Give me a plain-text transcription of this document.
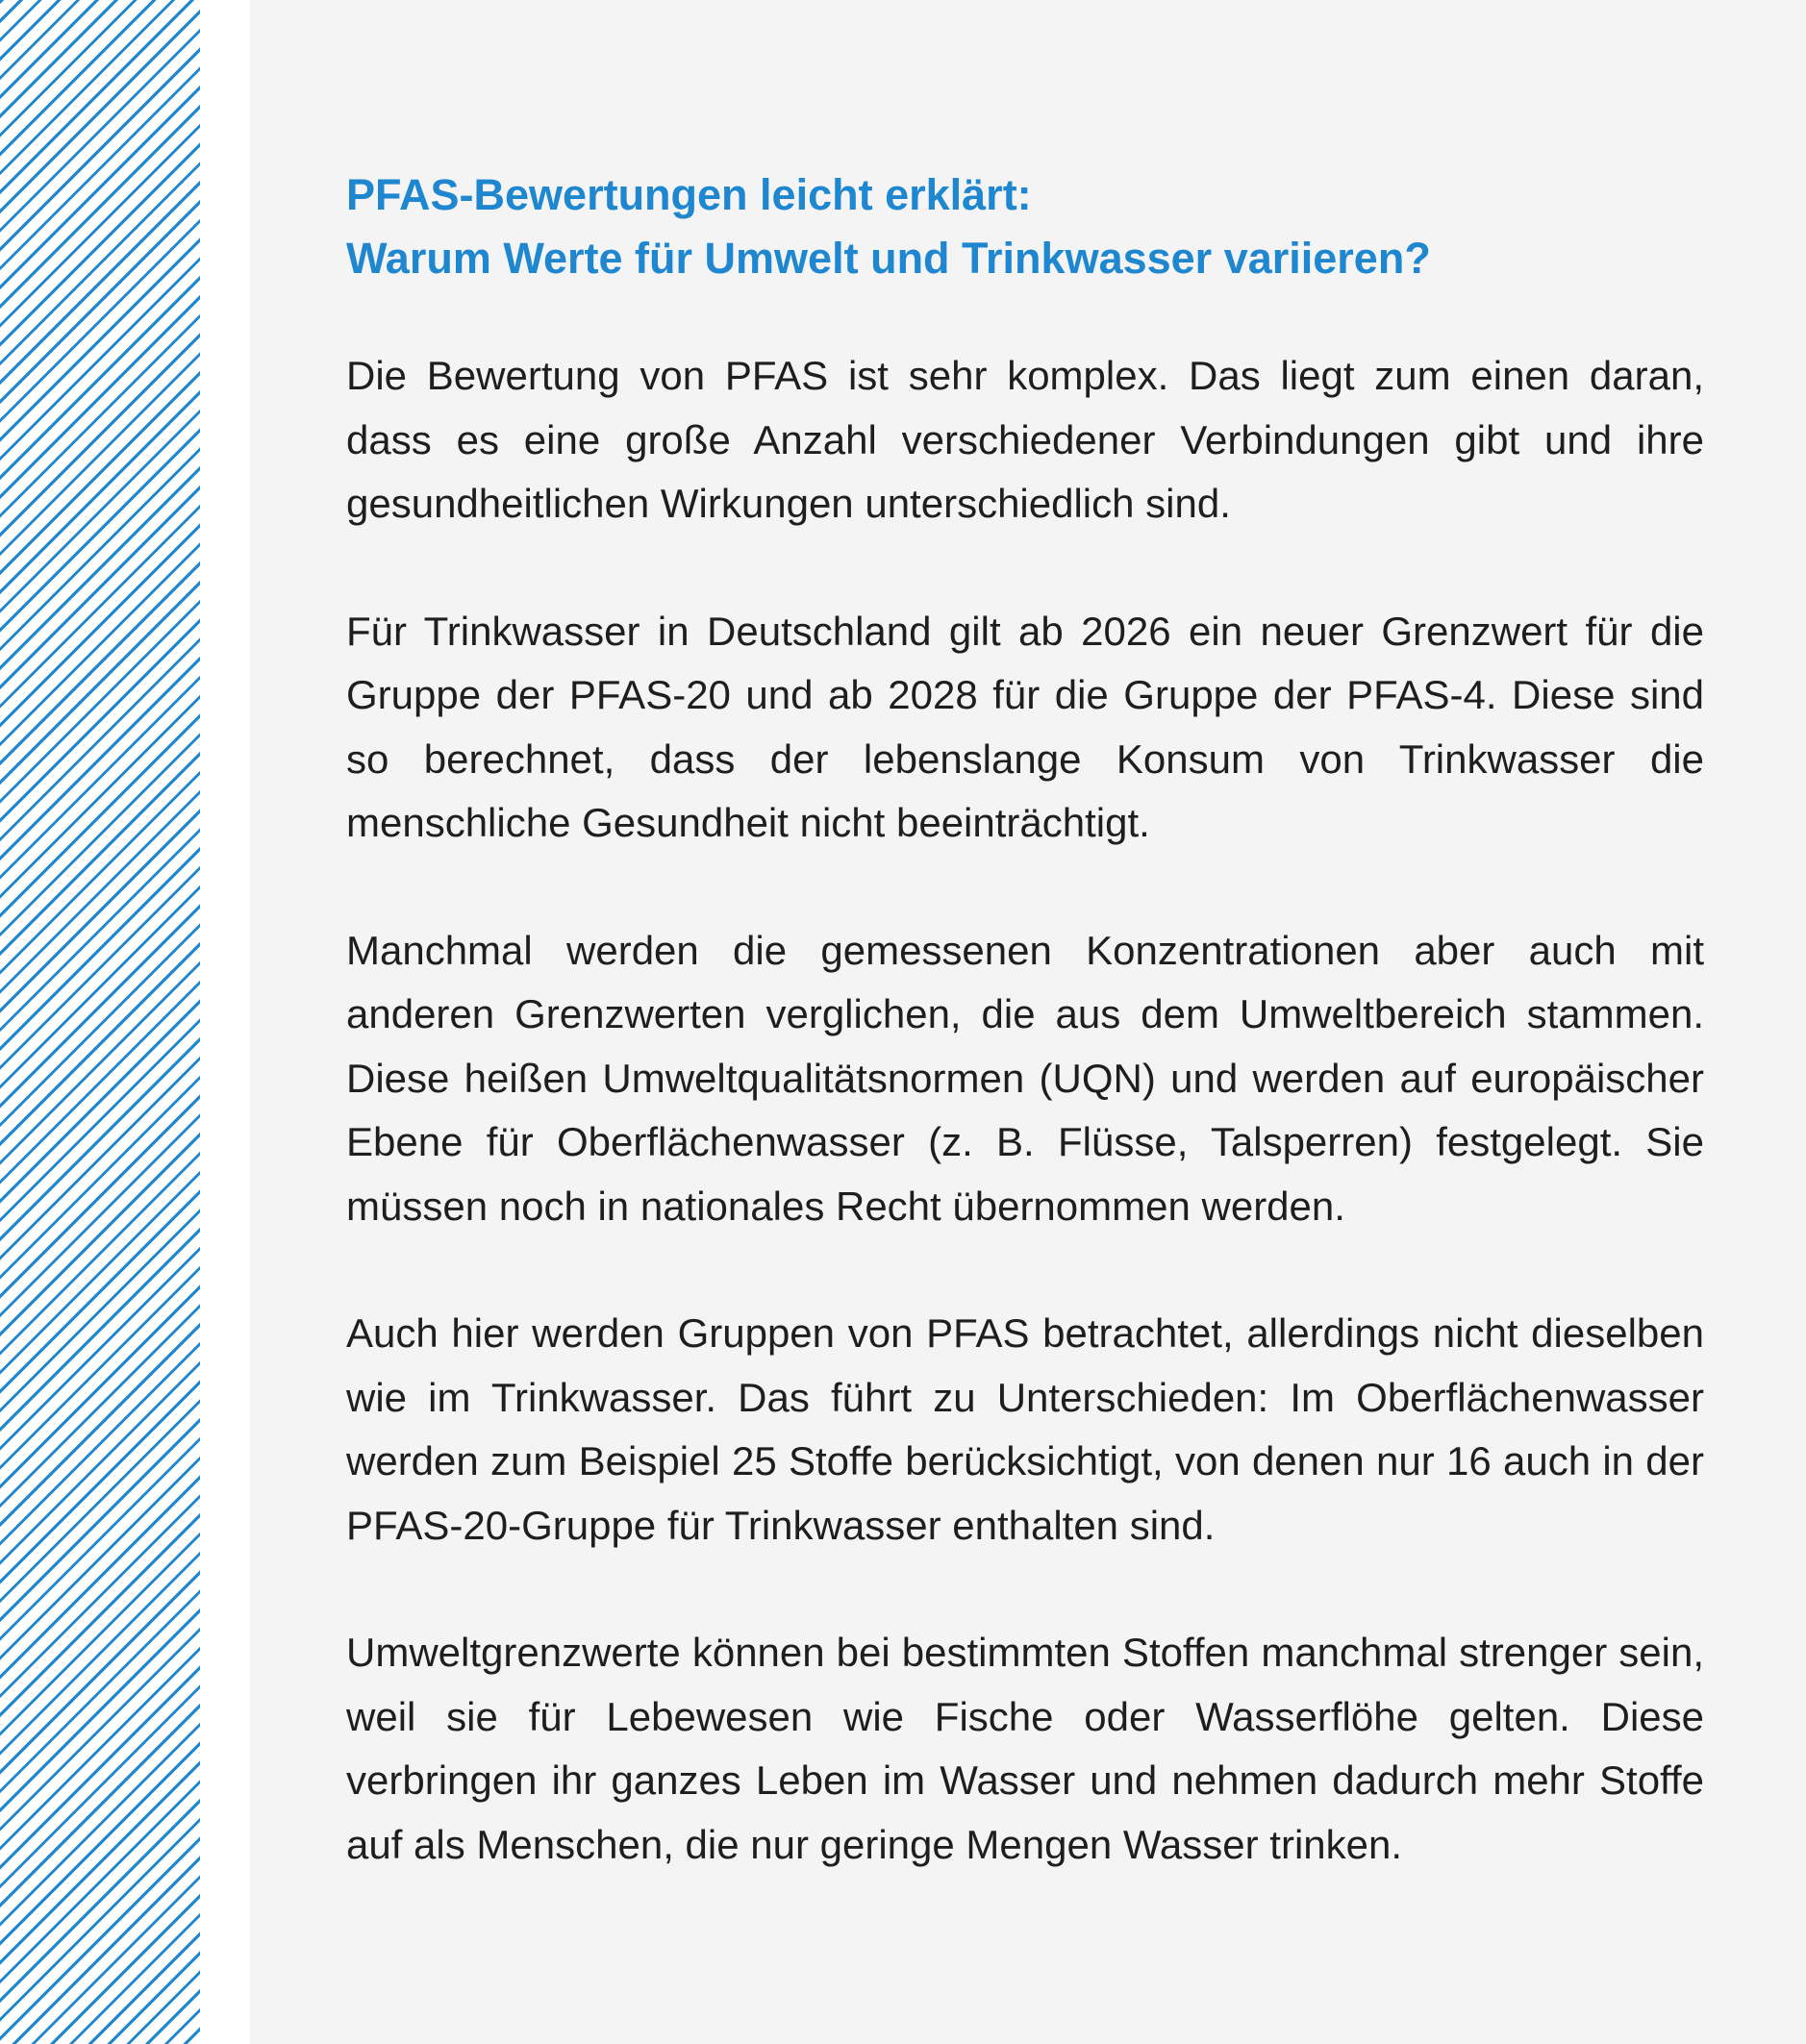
PFAS-Bewertungen leicht erklärt:
Warum Werte für Umwelt und Trinkwasser variieren?

Die Bewertung von PFAS ist sehr komplex. Das liegt zum einen daran, dass es eine große Anzahl verschiedener Verbindungen gibt und ihre gesundheitlichen Wirkungen unterschiedlich sind.

Für Trinkwasser in Deutschland gilt ab 2026 ein neuer Grenzwert für die Gruppe der PFAS-20 und ab 2028 für die Gruppe der PFAS-4. Diese sind so berechnet, dass der lebenslange Konsum von Trinkwasser die menschliche Gesundheit nicht beeinträchtigt.

Manchmal werden die gemessenen Konzentrationen aber auch mit anderen Grenzwerten verglichen, die aus dem Umweltbereich stammen. Diese heißen Umweltqualitätsnormen (UQN) und werden auf europäischer Ebene für Oberflächenwasser (z. B. Flüsse, Talsperren) festgelegt. Sie müssen noch in nationales Recht übernommen werden.

Auch hier werden Gruppen von PFAS betrachtet, allerdings nicht dieselben wie im Trinkwasser. Das führt zu Unterschieden: Im Oberflächenwasser werden zum Beispiel 25 Stoffe berücksichtigt, von denen nur 16 auch in der PFAS-20-Gruppe für Trinkwasser enthalten sind.

Umweltgrenzwerte können bei bestimmten Stoffen manchmal strenger sein, weil sie für Lebewesen wie Fische oder Wasserflöhe gelten. Diese verbringen ihr ganzes Leben im Wasser und nehmen dadurch mehr Stoffe auf als Menschen, die nur geringe Mengen Wasser trinken.
